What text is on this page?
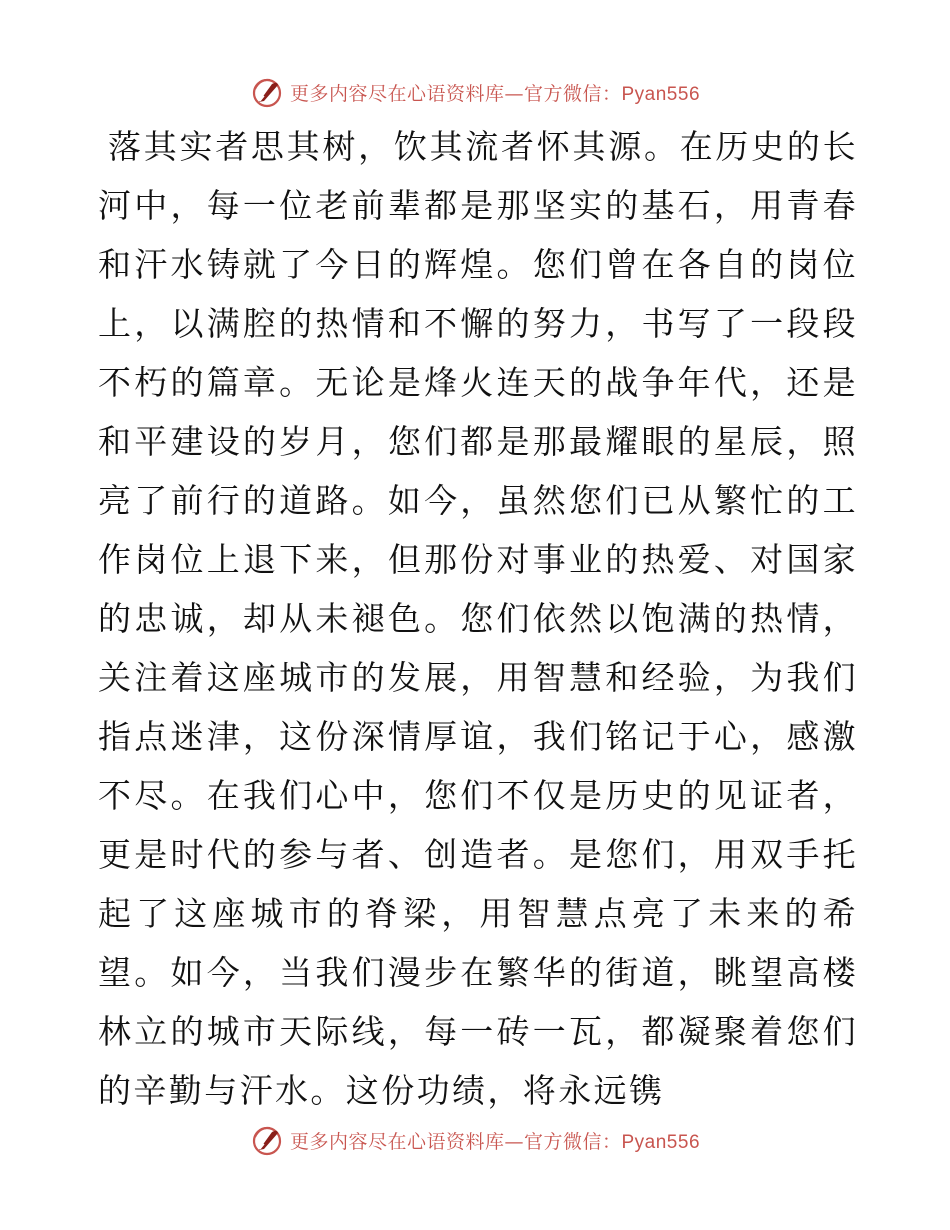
更多内容尽在心语资料库—官方微信：Pyan556

落其实者思其树，饮其流者怀其源。在历史的长河中，每一位老前辈都是那坚实的基石，用青春和汗水铸就了今日的辉煌。您们曾在各自的岗位上，以满腔的热情和不懈的努力，书写了一段段不朽的篇章。无论是烽火连天的战争年代，还是和平建设的岁月，您们都是那最耀眼的星辰，照亮了前行的道路。如今，虽然您们已从繁忙的工作岗位上退下来，但那份对事业的热爱、对国家的忠诚，却从未褪色。您们依然以饱满的热情，关注着这座城市的发展，用智慧和经验，为我们指点迷津，这份深情厚谊，我们铭记于心，感激不尽。在我们心中，您们不仅是历史的见证者，更是时代的参与者、创造者。是您们，用双手托起了这座城市的脊梁，用智慧点亮了未来的希望。如今，当我们漫步在繁华的街道，眺望高楼林立的城市天际线，每一砖一瓦，都凝聚着您们的辛勤与汗水。这份功绩，将永远镌

更多内容尽在心语资料库—官方微信：Pyan556
